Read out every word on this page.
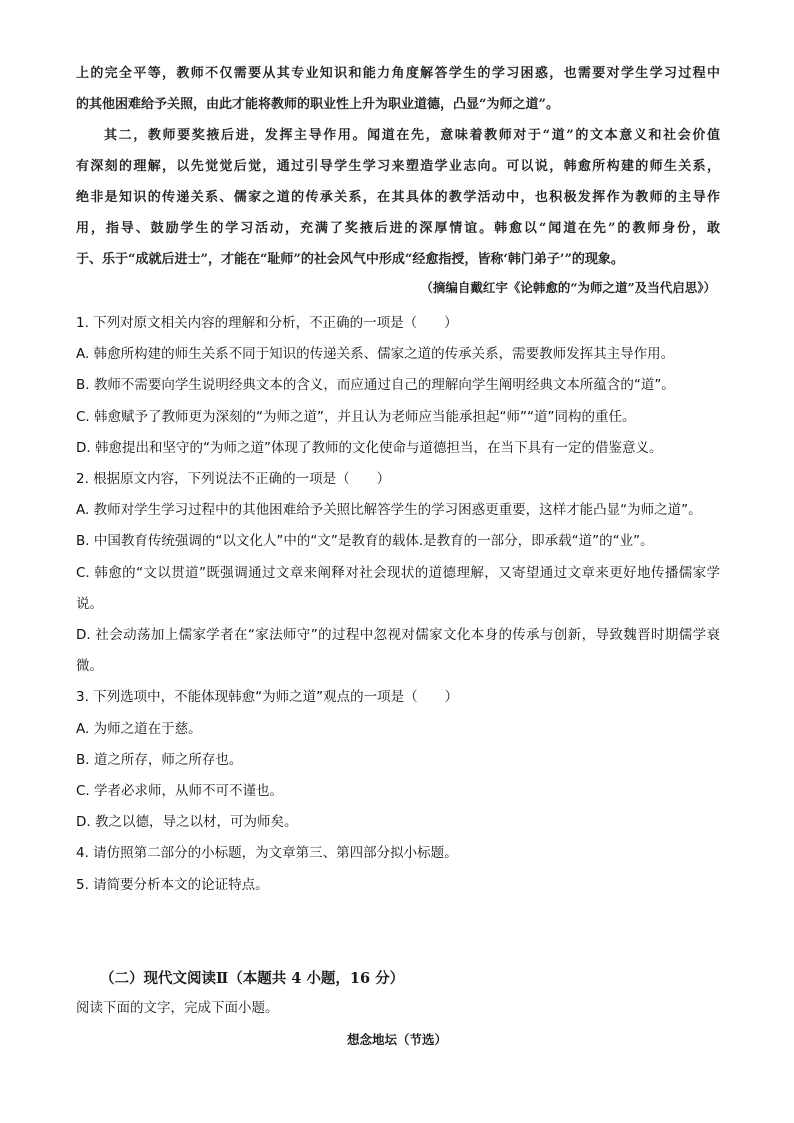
上的完全平等，教师不仅需要从其专业知识和能力角度解答学生的学习困惑，也需要对学生学习过程中

的其他困难给予关照，由此才能将教师的职业性上升为职业道德，凸显“为师之道”。

其二，教师要奖掖后进，发挥主导作用。闻道在先，意味着教师对于“道”的文本意义和社会价值

有深刻的理解，以先觉觉后觉，通过引导学生学习来塑造学业志向。可以说，韩愈所构建的师生关系，

绝非是知识的传递关系、儒家之道的传承关系，在其具体的教学活动中，也积极发挥作为教师的主导作

用，指导、鼓励学生的学习活动，充满了奖掖后进的深厚情谊。韩愈以“闻道在先”的教师身份，敢

于、乐于“成就后进士”，才能在“耻师”的社会风气中形成“经愈指授，皆称‘韩门弟子’”的现象。

（摘编自戴红宇《论韩愈的“为师之道”及当代启思》）
1. 下列对原文相关内容的理解和分析，不正确的一项是（　　）
A. 韩愈所构建的师生关系不同于知识的传递关系、儒家之道的传承关系，需要教师发挥其主导作用。
B. 教师不需要向学生说明经典文本的含义，而应通过自己的理解向学生阐明经典文本所蕴含的“道”。
C. 韩愈赋予了教师更为深刻的“为师之道”，并且认为老师应当能承担起“师”“道”同构的重任。
D. 韩愈提出和坚守的“为师之道”体现了教师的文化使命与道德担当，在当下具有一定的借鉴意义。
2. 根据原文内容，下列说法不正确的一项是（　　）
A. 教师对学生学习过程中的其他困难给予关照比解答学生的学习困惑更重要，这样才能凸显“为师之道”。
B. 中国教育传统强调的“以文化人”中的“文”是教育的载体.是教育的一部分，即承载“道”的“业”。
C. 韩愈的“文以贯道”既强调通过文章来阐释对社会现状的道德理解，又寄望通过文章来更好地传播儒家学说。
D. 社会动荡加上儒家学者在“家法师守”的过程中忽视对儒家文化本身的传承与创新，导致魏晋时期儒学衰微。
3. 下列选项中，不能体现韩愈“为师之道”观点的一项是（　　）
A. 为师之道在于慈。
B. 道之所存，师之所存也。
C. 学者必求师，从师不可不谨也。
D. 教之以德，导之以材，可为师矣。
4. 请仿照第二部分的小标题，为文章第三、第四部分拟小标题。
5. 请简要分析本文的论证特点。
（二）现代文阅读Ⅱ（本题共 4 小题，16 分）
阅读下面的文字，完成下面小题。
想念地坛（节选）
